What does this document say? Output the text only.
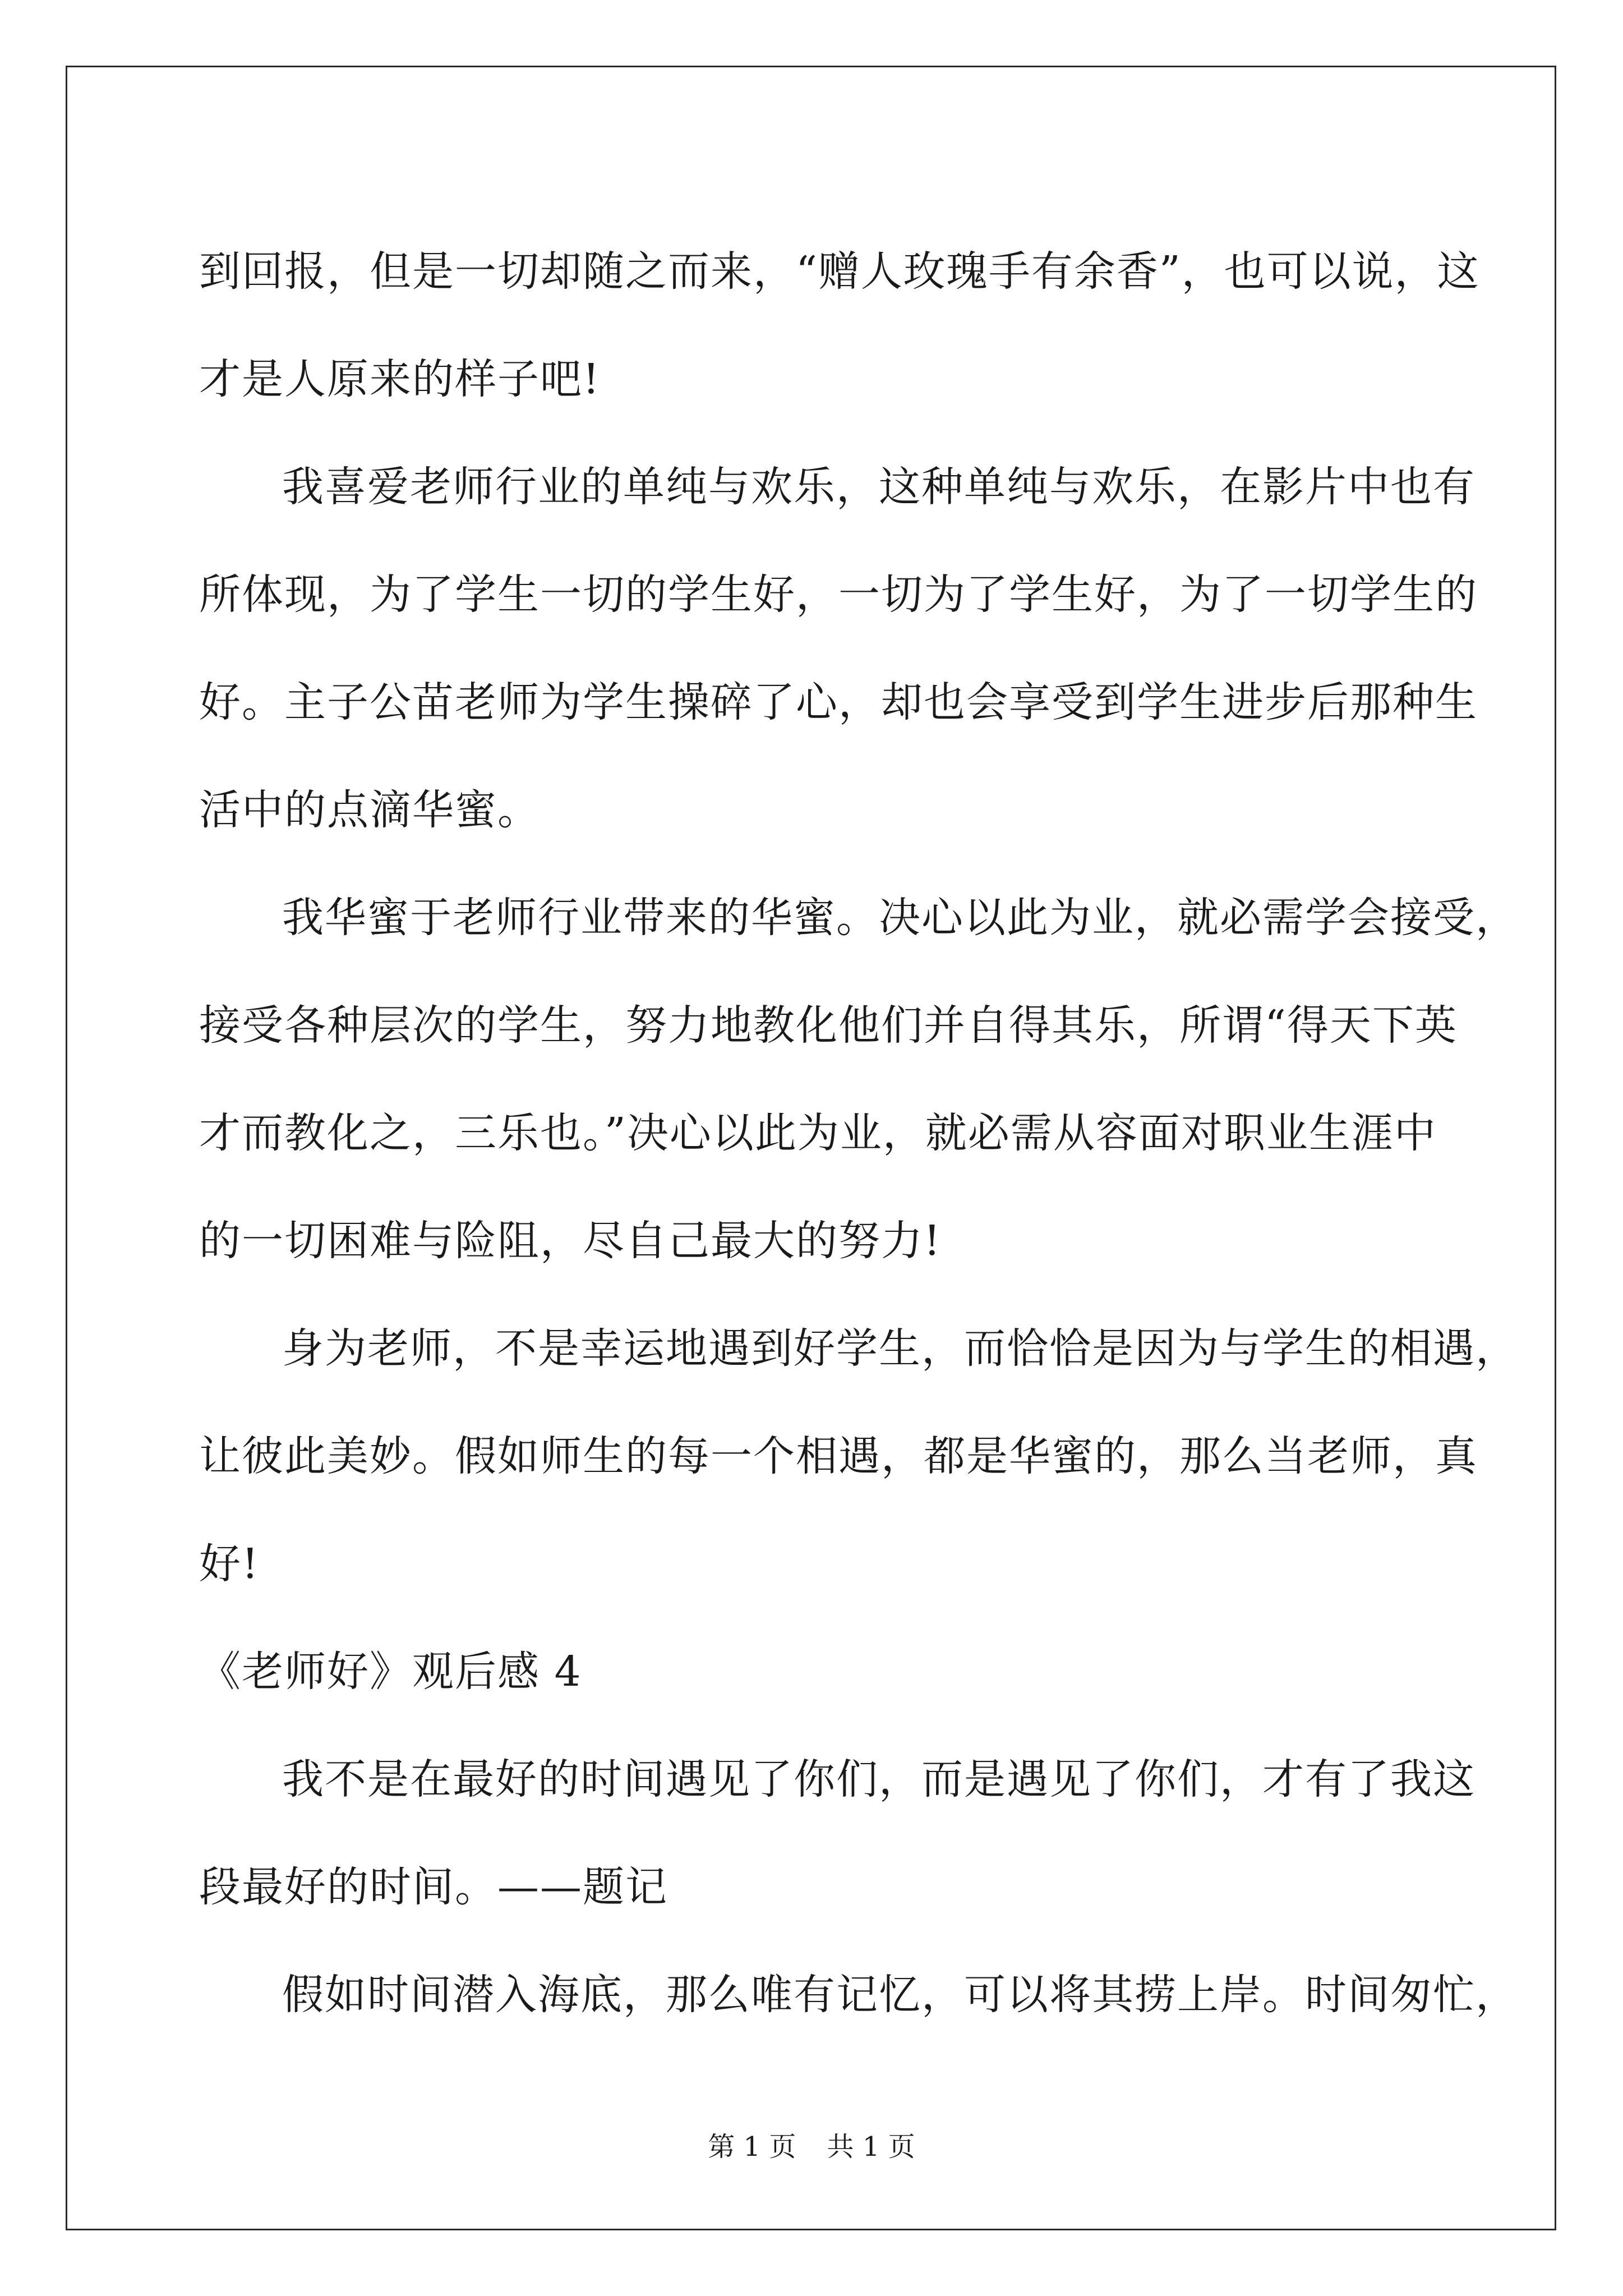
到回报，但是一切却随之而来，“赠人玫瑰手有余香”，也可以说，这
才是人原来的样子吧!
我喜爱老师行业的单纯与欢乐，这种单纯与欢乐，在影片中也有
所体现，为了学生一切的学生好，一切为了学生好，为了一切学生的
好。主子公苗老师为学生操碎了心，却也会享受到学生进步后那种生
活中的点滴华蜜。
我华蜜于老师行业带来的华蜜。决心以此为业，就必需学会接受，
接受各种层次的学生，努力地教化他们并自得其乐，所谓“得天下英
才而教化之，三乐也。”决心以此为业，就必需从容面对职业生涯中
的一切困难与险阻，尽自己最大的努力!
身为老师，不是幸运地遇到好学生，而恰恰是因为与学生的相遇，
让彼此美妙。假如师生的每一个相遇，都是华蜜的，那么当老师，真
好!
《老师好》观后感 4
我不是在最好的时间遇见了你们，而是遇见了你们，才有了我这
段最好的时间。——题记
假如时间潜入海底，那么唯有记忆，可以将其捞上岸。时间匆忙，
第 1 页 共 1 页
